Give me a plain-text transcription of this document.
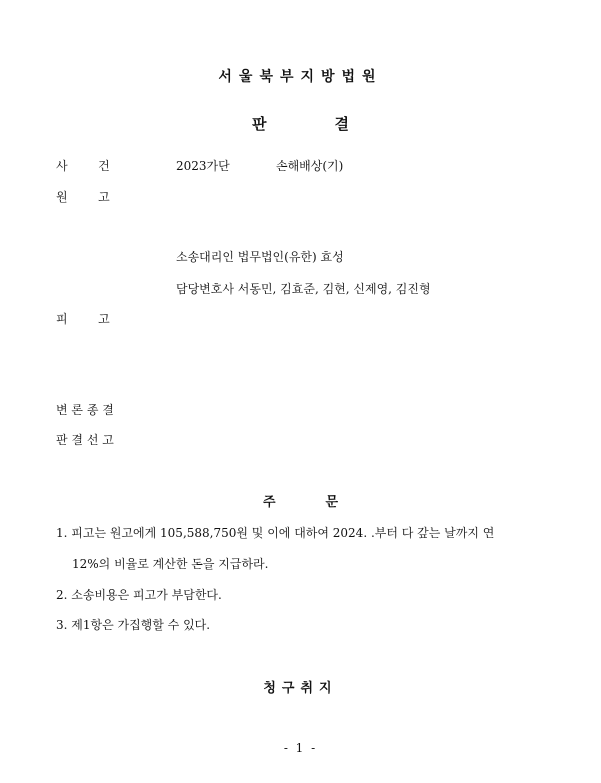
서울북부지방법원
판	결
사        건	2023가단	손해배상(기)
원        고
소송대리인 법무법인(유한) 효성
담당변호사 서동민, 김효준, 김현, 신제영, 김진형
피        고
변 론 종 결
판 결 선 고
주	문
1. 피고는 원고에게 105,588,750원 및 이에 대하여 2024. .부터 다 갚는 날까지 연
12%의 비율로 계산한 돈을 지급하라.
2. 소송비용은 피고가 부담한다.
3. 제1항은 가집행할 수 있다.
청구취지
- 1 -
